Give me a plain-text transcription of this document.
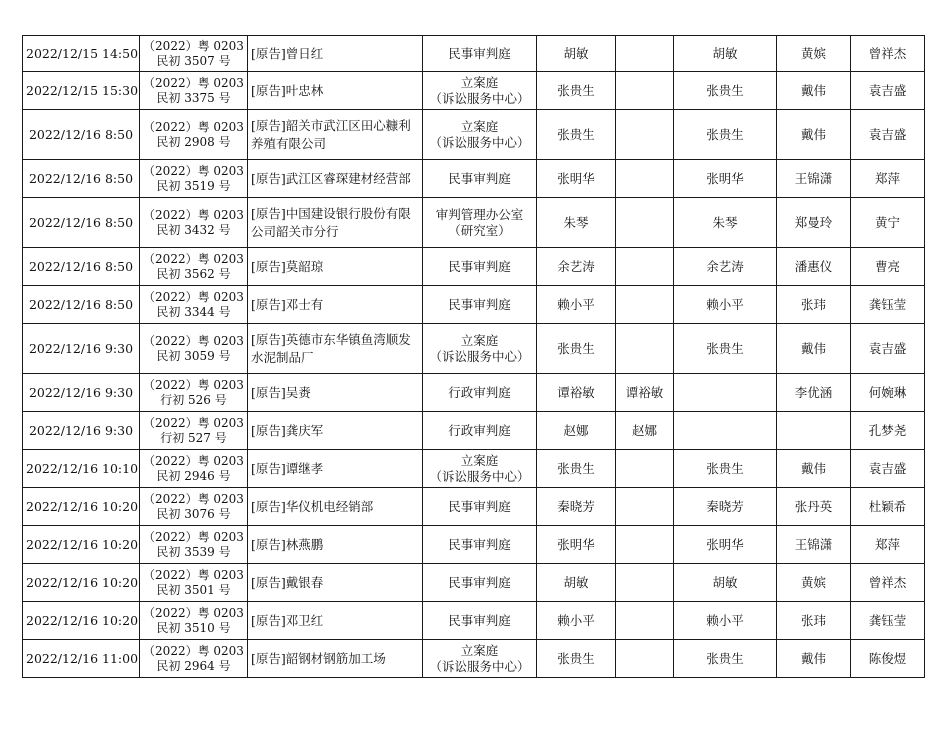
2022/12/15 14:50	（2022）粤 0203
民初 3507 号	[原告]曾日红	民事审判庭	胡敏		胡敏	黄嫔	曾祥杰
2022/12/15 15:30	（2022）粤 0203
民初 3375 号	[原告]叶忠林	立案庭
（诉讼服务中心）	张贵生		张贵生	戴伟	袁吉盛
2022/12/16 8:50	（2022）粤 0203
民初 2908 号	[原告]韶关市武江区田心糠利养殖有限公司	立案庭
（诉讼服务中心）	张贵生		张贵生	戴伟	袁吉盛
2022/12/16 8:50	（2022）粤 0203
民初 3519 号	[原告]武江区睿琛建材经营部	民事审判庭	张明华		张明华	王锦潇	郑萍
2022/12/16 8:50	（2022）粤 0203
民初 3432 号	[原告]中国建设银行股份有限公司韶关市分行	审判管理办公室
（研究室）	朱琴		朱琴	郑曼玲	黄宁
2022/12/16 8:50	（2022）粤 0203
民初 3562 号	[原告]莫韶琼	民事审判庭	余艺涛		余艺涛	潘惠仪	曹亮
2022/12/16 8:50	（2022）粤 0203
民初 3344 号	[原告]邓士有	民事审判庭	赖小平		赖小平	张玮	龚钰莹
2022/12/16 9:30	（2022）粤 0203
民初 3059 号	[原告]英德市东华镇鱼湾顺发水泥制品厂	立案庭
（诉讼服务中心）	张贵生		张贵生	戴伟	袁吉盛
2022/12/16 9:30	（2022）粤 0203
行初 526 号	[原告]吴赉	行政审判庭	谭裕敏	谭裕敏		李优涵	何婉琳
2022/12/16 9:30	（2022）粤 0203
行初 527 号	[原告]龚庆军	行政审判庭	赵娜	赵娜			孔梦尧
2022/12/16 10:10	（2022）粤 0203
民初 2946 号	[原告]谭继孝	立案庭
（诉讼服务中心）	张贵生		张贵生	戴伟	袁吉盛
2022/12/16 10:20	（2022）粤 0203
民初 3076 号	[原告]华仪机电经销部	民事审判庭	秦晓芳		秦晓芳	张丹英	杜颖希
2022/12/16 10:20	（2022）粤 0203
民初 3539 号	[原告]林燕鹏	民事审判庭	张明华		张明华	王锦潇	郑萍
2022/12/16 10:20	（2022）粤 0203
民初 3501 号	[原告]戴银春	民事审判庭	胡敏		胡敏	黄嫔	曾祥杰
2022/12/16 10:20	（2022）粤 0203
民初 3510 号	[原告]邓卫红	民事审判庭	赖小平		赖小平	张玮	龚钰莹
2022/12/16 11:00	（2022）粤 0203
民初 2964 号	[原告]韶钢材钢筋加工场	立案庭
（诉讼服务中心）	张贵生		张贵生	戴伟	陈俊煜
